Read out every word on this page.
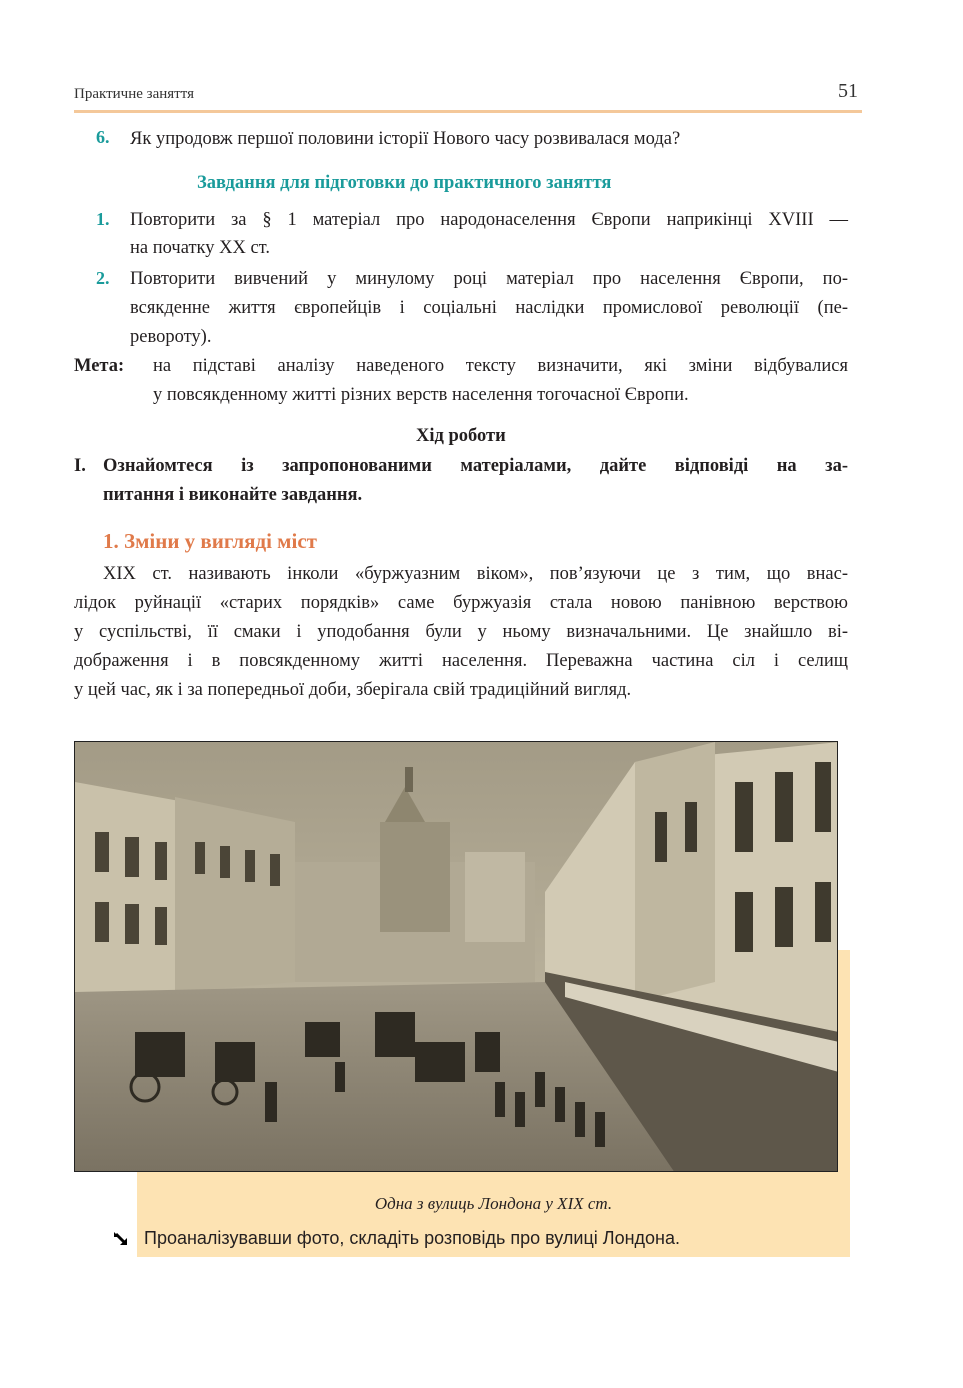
Практичне заняття	51
6. Як упродовж першої половини історії Нового часу розвивалася мода?
Завдання для підготовки до практичного заняття
1. Повторити за § 1 матеріал про народонаселення Європи наприкінці XVIII —
на початку XX ст.
2. Повторити вивчений у минулому році матеріал про населення Європи, по-
всякденне життя європейців і соціальні наслідки промислової революції (пе-
ревороту).
Мета: на підставі аналізу наведеного тексту визначити, які зміни відбувалися
у повсякденному житті різних верств населення тогочасної Європи.
Хід роботи
I. Ознайомтеся із запропонованими матеріалами, дайте відповіді на за-
питання і виконайте завдання.
1. Зміни у вигляді міст
XIX ст. називають інколи «буржуазним віком», пов’язуючи це з тим, що внас-
лідок руйнації «старих порядків» саме буржуазія стала новою панівною верствою
у суспільстві, її смаки і уподобання були у ньому визначальними. Це знайшло ві-
дображення і в повсякденному житті населення. Переважна частина сіл і селищ
у цей час, як і за попередньої доби, зберігала свій традиційний вигляд.
Одна з вулиць Лондона у XIX ст.
Проаналізувавши фото, складіть розповідь про вулиці Лондона.
